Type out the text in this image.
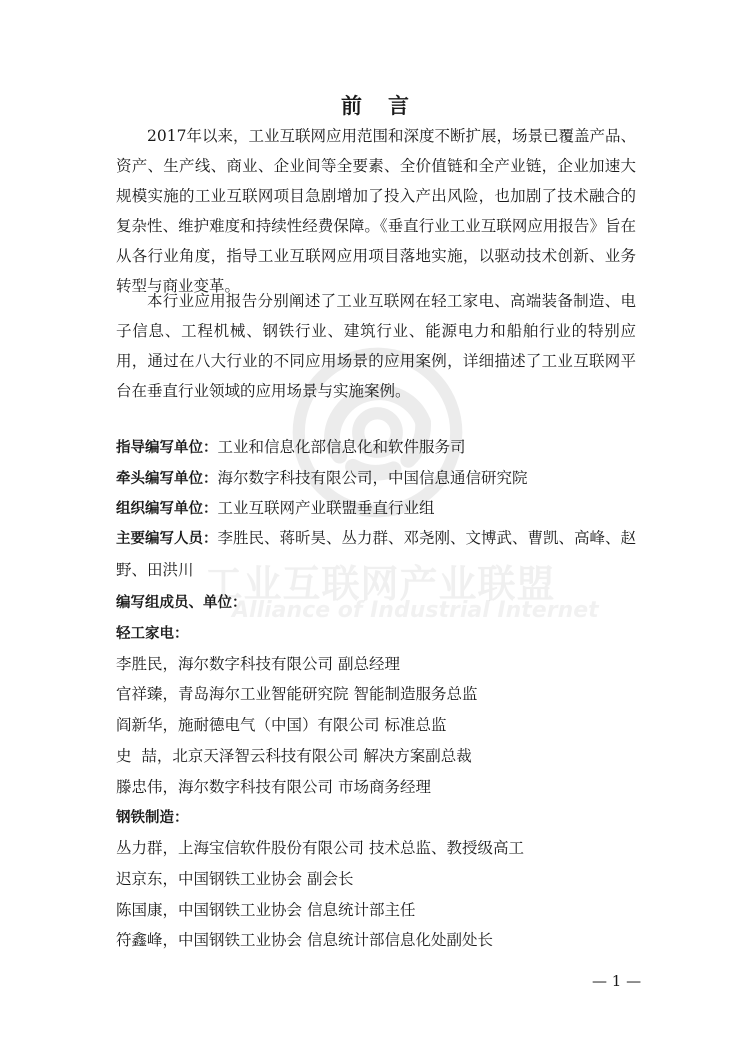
工业互联网产业联盟
Alliance of Industrial Internet
前言

2017年以来，工业互联网应用范围和深度不断扩展，场景已覆盖产品、资产、生产线、商业、企业间等全要素、全价值链和全产业链，企业加速大规模实施的工业互联网项目急剧增加了投入产出风险，也加剧了技术融合的复杂性、维护难度和持续性经费保障。《垂直行业工业互联网应用报告》旨在从各行业角度，指导工业互联网应用项目落地实施，以驱动技术创新、业务转型与商业变革。

本行业应用报告分别阐述了工业互联网在轻工家电、高端装备制造、电子信息、工程机械、钢铁行业、建筑行业、能源电力和船舶行业的特别应用，通过在八大行业的不同应用场景的应用案例，详细描述了工业互联网平台在垂直行业领域的应用场景与实施案例。

指导编写单位：工业和信息化部信息化和软件服务司
牵头编写单位：海尔数字科技有限公司，中国信息通信研究院
组织编写单位：工业互联网产业联盟垂直行业组
主要编写人员：李胜民、蒋昕昊、丛力群、邓尧刚、文博武、曹凯、高峰、赵野、田洪川
编写组成员、单位：
轻工家电：
李胜民，海尔数字科技有限公司 副总经理
官祥臻，青岛海尔工业智能研究院 智能制造服务总监
阎新华，施耐德电气（中国）有限公司 标准总监
史  喆，北京天泽智云科技有限公司 解决方案副总裁
滕忠伟，海尔数字科技有限公司 市场商务经理
钢铁制造：
丛力群，上海宝信软件股份有限公司 技术总监、教授级高工
迟京东，中国钢铁工业协会 副会长
陈国康，中国钢铁工业协会 信息统计部主任
符鑫峰，中国钢铁工业协会 信息统计部信息化处副处长
— 1 —
